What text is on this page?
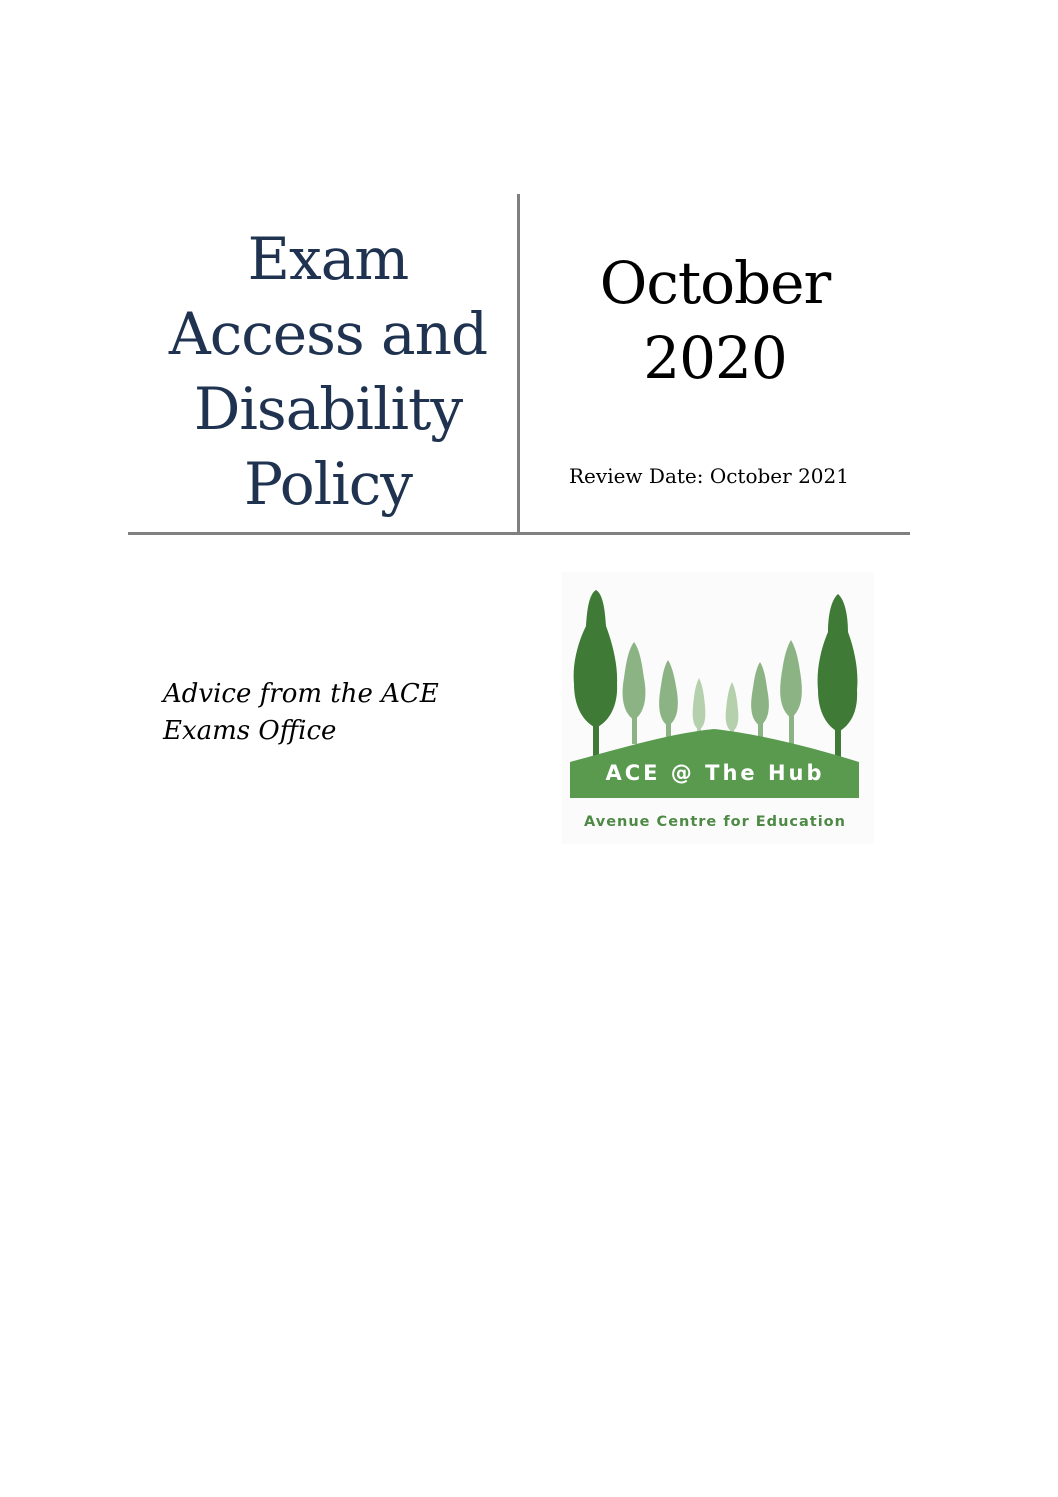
Exam
Access and
Disability
Policy
October
2020
Review Date: October 2021
Advice from the ACE
Exams Office
ACE @ The Hub
Avenue Centre for Education
